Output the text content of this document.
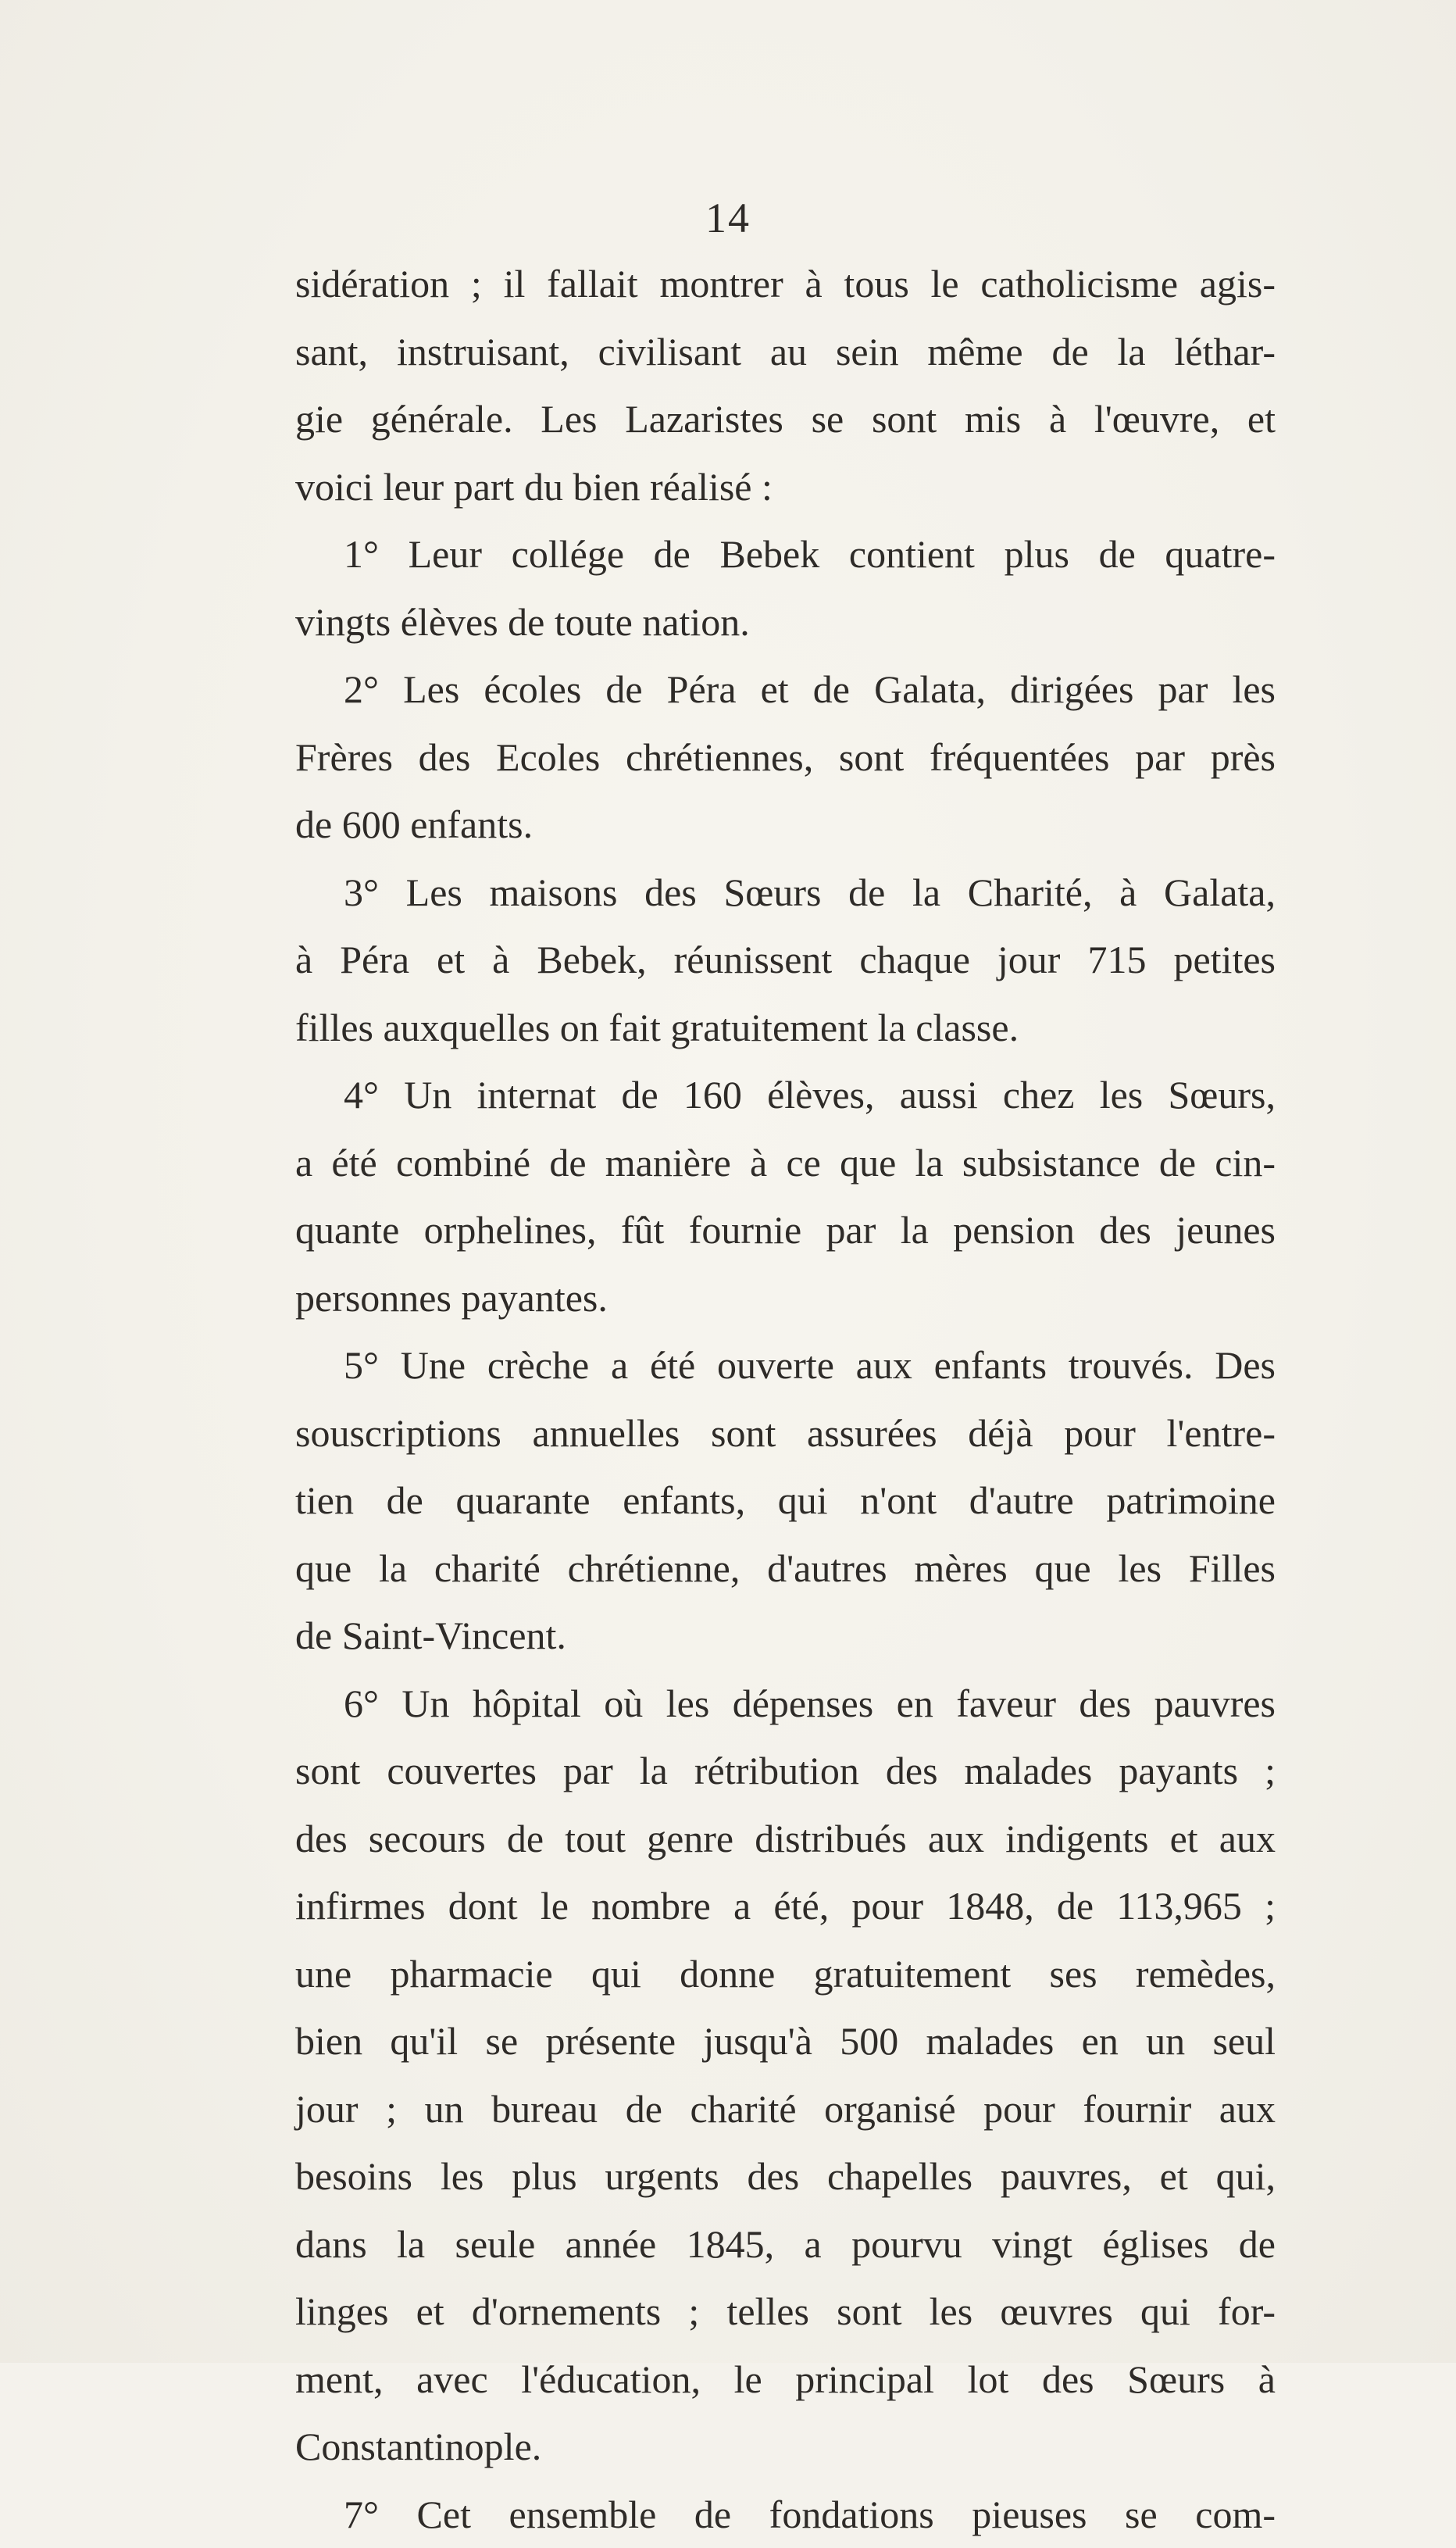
14
sidération ; il fallait montrer à tous le catholicisme agis-
sant, instruisant, civilisant au sein même de la léthar-
gie générale. Les Lazaristes se sont mis à l'œuvre, et
voici leur part du bien réalisé :
1° Leur collége de Bebek contient plus de quatre-
vingts élèves de toute nation.
2° Les écoles de Péra et de Galata, dirigées par les
Frères des Ecoles chrétiennes, sont fréquentées par près
de 600 enfants.
3° Les maisons des Sœurs de la Charité, à Galata,
à Péra et à Bebek, réunissent chaque jour 715 petites
filles auxquelles on fait gratuitement la classe.
4° Un internat de 160 élèves, aussi chez les Sœurs,
a été combiné de manière à ce que la subsistance de cin-
quante orphelines, fût fournie par la pension des jeunes
personnes payantes.
5° Une crèche a été ouverte aux enfants trouvés. Des
souscriptions annuelles sont assurées déjà pour l'entre-
tien de quarante enfants, qui n'ont d'autre patrimoine
que la charité chrétienne, d'autres mères que les Filles
de Saint-Vincent.
6° Un hôpital où les dépenses en faveur des pauvres
sont couvertes par la rétribution des malades payants ;
des secours de tout genre distribués aux indigents et aux
infirmes dont le nombre a été, pour 1848, de 113,965 ;
une pharmacie qui donne gratuitement ses remèdes,
bien qu'il se présente jusqu'à 500 malades en un seul
jour ; un bureau de charité organisé pour fournir aux
besoins les plus urgents des chapelles pauvres, et qui,
dans la seule année 1845, a pourvu vingt églises de
linges et d'ornements ; telles sont les œuvres qui for-
ment, avec l'éducation, le principal lot des Sœurs à
Constantinople.
7° Cet ensemble de fondations pieuses se com-
